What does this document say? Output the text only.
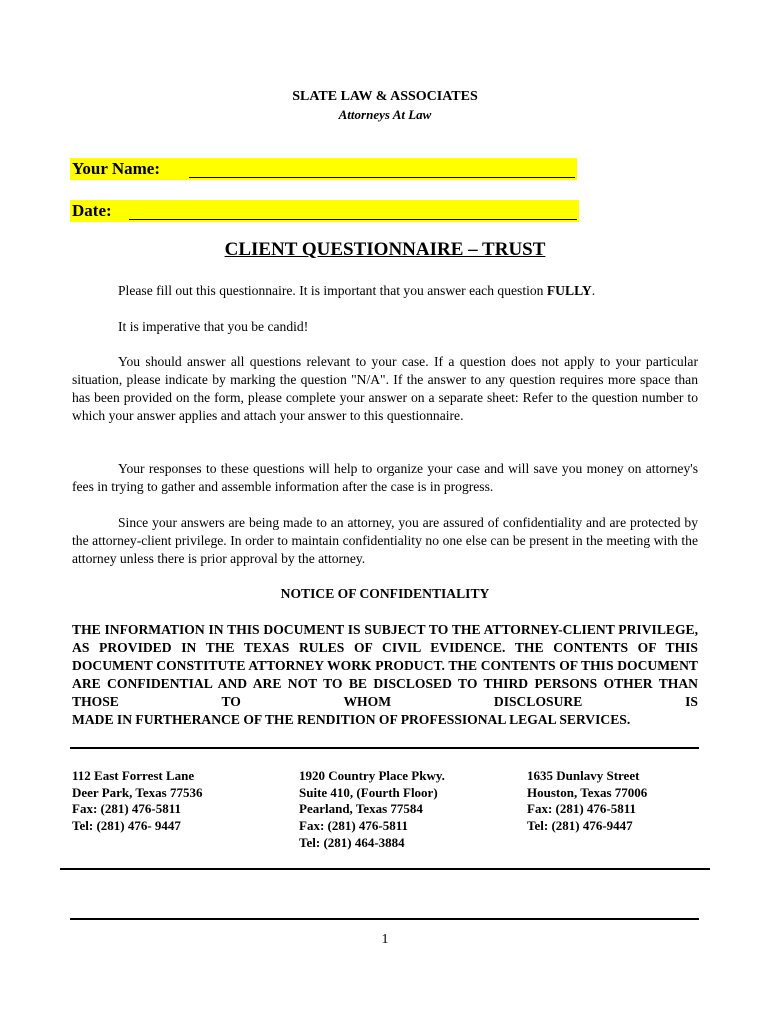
SLATE LAW & ASSOCIATES
Attorneys At Law
Your Name:
Date:
CLIENT QUESTIONNAIRE – TRUST
Please fill out this questionnaire. It is important that you answer each question FULLY.
It is imperative that you be candid!
You should answer all questions relevant to your case. If a question does not apply to your particular situation, please indicate by marking the question "N/A". If the answer to any question requires more space than has been provided on the form, please complete your answer on a separate sheet: Refer to the question number to which your answer applies and attach your answer to this questionnaire.
Your responses to these questions will help to organize your case and will save you money on attorney's fees in trying to gather and assemble information after the case is in progress.
Since your answers are being made to an attorney, you are assured of confidentiality and are protected by the attorney-client privilege. In order to maintain confidentiality no one else can be present in the meeting with the attorney unless there is prior approval by the attorney.
NOTICE OF CONFIDENTIALITY
THE INFORMATION IN THIS DOCUMENT IS SUBJECT TO THE ATTORNEY-CLIENT PRIVILEGE, AS PROVIDED IN THE TEXAS RULES OF CIVIL EVIDENCE. THE CONTENTS OF THIS DOCUMENT CONSTITUTE ATTORNEY WORK PRODUCT. THE CONTENTS OF THIS DOCUMENT ARE CONFIDENTIAL AND ARE NOT TO BE DISCLOSED TO THIRD PERSONS OTHER THAN THOSE TO WHOM DISCLOSURE IS
MADE IN FURTHERANCE OF THE RENDITION OF PROFESSIONAL LEGAL SERVICES.
112 East Forrest Lane
Deer Park, Texas 77536
Fax: (281) 476-5811
Tel: (281) 476- 9447
1920 Country Place Pkwy.
Suite 410, (Fourth Floor)
Pearland, Texas 77584
Fax: (281) 476-5811
Tel: (281) 464-3884
1635 Dunlavy Street
Houston, Texas 77006
Fax: (281) 476-5811
Tel: (281) 476-9447
1
